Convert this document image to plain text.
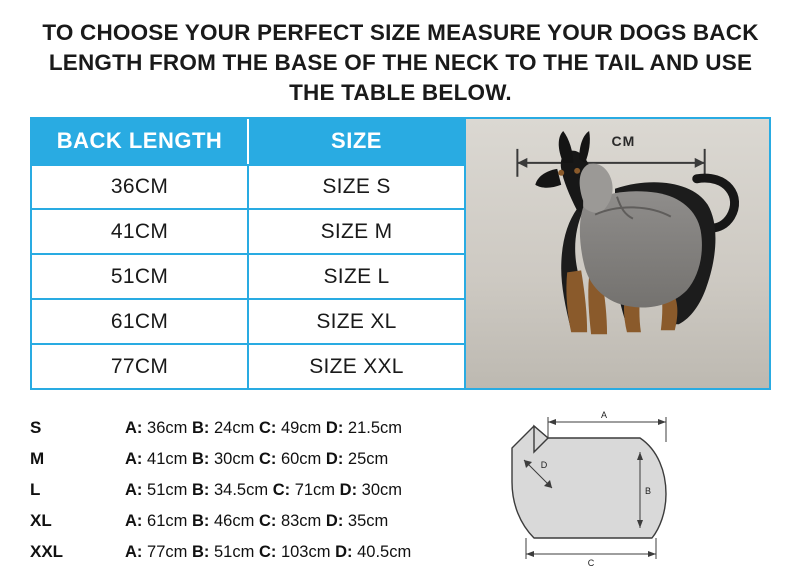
TO CHOOSE YOUR PERFECT SIZE MEASURE YOUR DOGS BACK LENGTH FROM THE BASE OF THE NECK TO THE TAIL AND USE THE TABLE BELOW.
BACK LENGTH	SIZE
36CM	SIZE S
41CM	SIZE M
51CM	SIZE L
61CM	SIZE XL
77CM	SIZE XXL
CM
S	A: 36cm B: 24cm C: 49cm D: 21.5cm
M	A: 41cm B: 30cm C: 60cm D: 25cm
L	A: 51cm B: 34.5cm C: 71cm D: 30cm
XL	A: 61cm B: 46cm C: 83cm D: 35cm
XXL	A: 77cm B: 51cm C: 103cm D: 40.5cm
A
B
C
D
